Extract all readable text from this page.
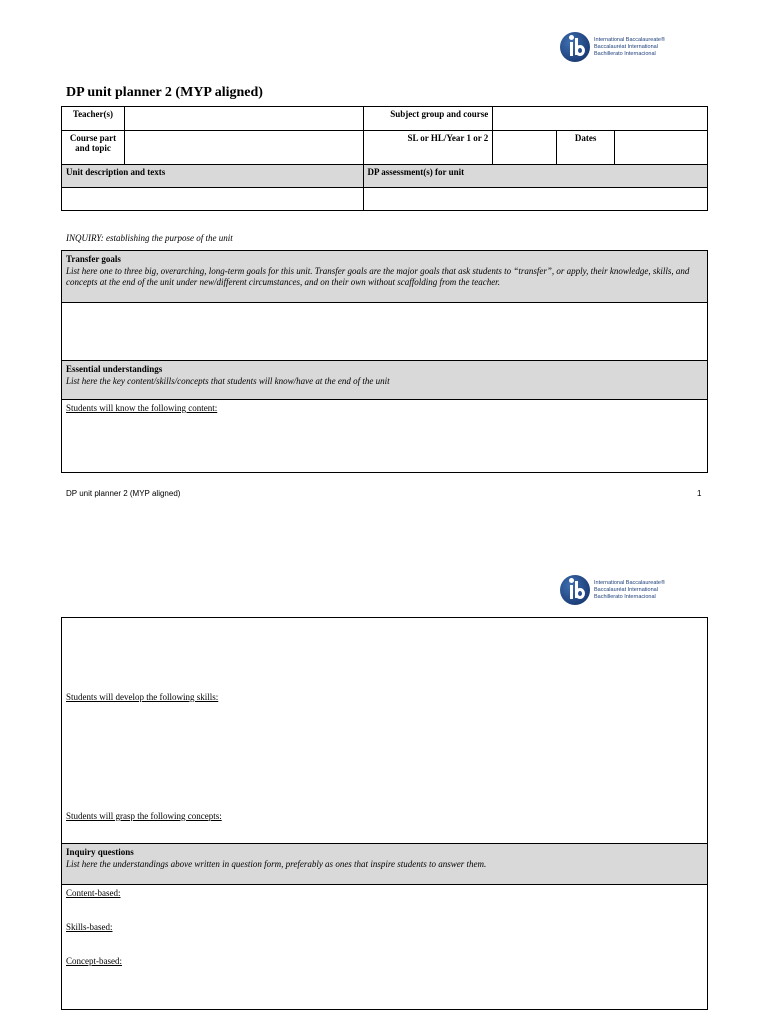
International Baccalaureate®
Baccalauréat International
Bachillerato Internacional
DP unit planner 2 (MYP aligned)
Teacher(s)		Subject group and course			
Course part and topic		SL or HL/Year 1 or 2		Dates	
Unit description and texts		DP assessment(s) for unit			

INQUIRY: establishing the purpose of the unit
Transfer goals
List here one to three big, overarching, long-term goals for this unit. Transfer goals are the major goals that ask students to “transfer”, or apply, their knowledge, skills, and concepts at the end of the unit under new/different circumstances, and on their own without scaffolding from the teacher.
Essential understandings
List here the key content/skills/concepts that students will know/have at the end of the unit
Students will know the following content:
DP unit planner 2 (MYP aligned)	1
International Baccalaureate®
Baccalauréat International
Bachillerato Internacional
Students will develop the following skills:
Students will grasp the following concepts:
Inquiry questions
List here the understandings above written in question form, preferably as ones that inspire students to answer them.
Content-based:
Skills-based:
Concept-based:
